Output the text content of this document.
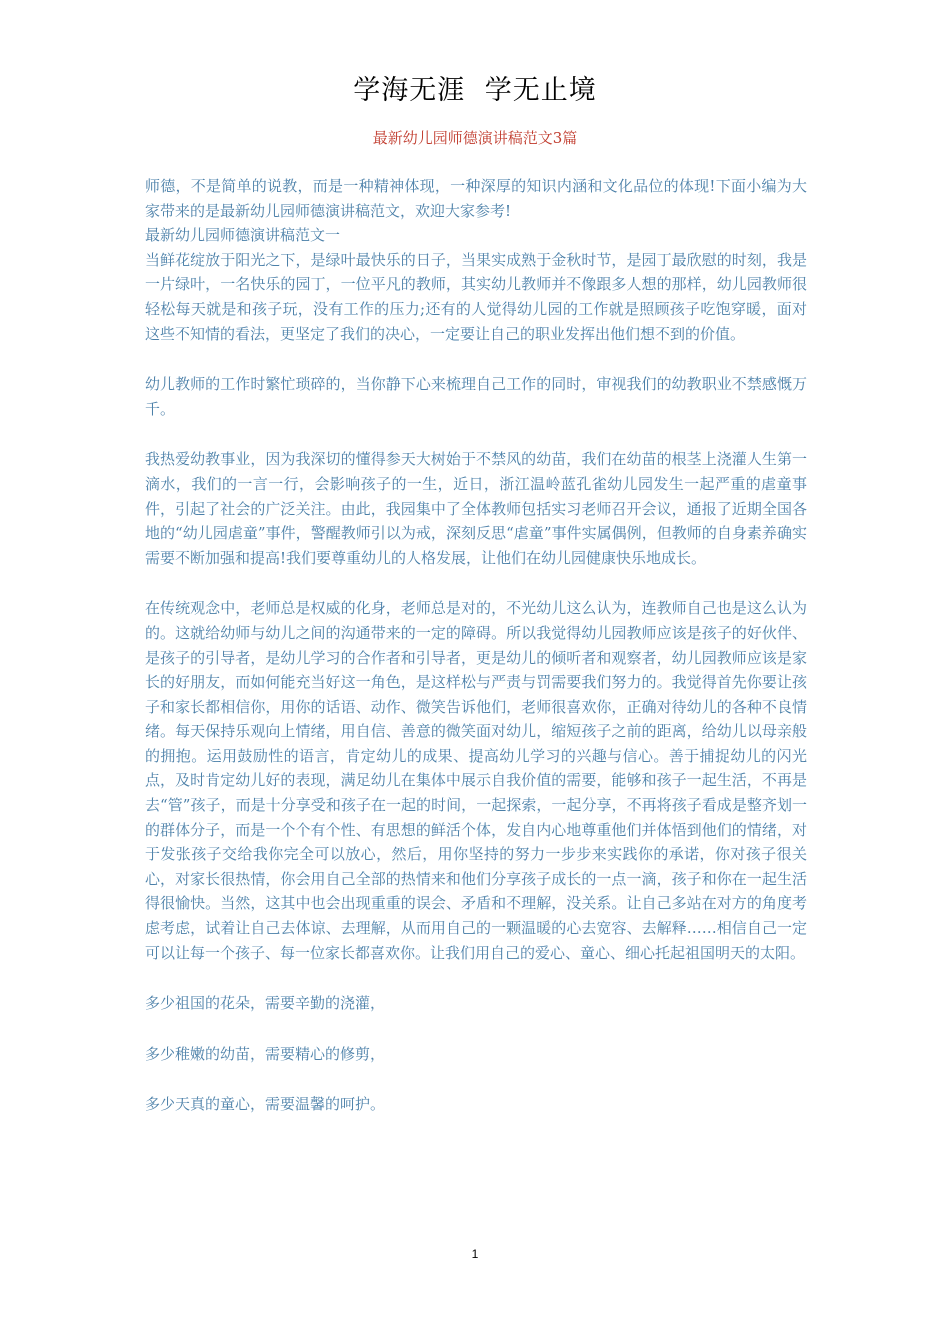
学海无涯 学无止境
最新幼儿园师德演讲稿范文3篇

师德，不是简单的说教，而是一种精神体现，一种深厚的知识内涵和文化品位的体现!下面小编为大家带来的是最新幼儿园师德演讲稿范文，欢迎大家参考!

最新幼儿园师德演讲稿范文一

当鲜花绽放于阳光之下，是绿叶最快乐的日子，当果实成熟于金秋时节，是园丁最欣慰的时刻，我是一片绿叶，一名快乐的园丁，一位平凡的教师，其实幼儿教师并不像跟多人想的那样，幼儿园教师很轻松每天就是和孩子玩，没有工作的压力;还有的人觉得幼儿园的工作就是照顾孩子吃饱穿暖，面对这些不知情的看法，更坚定了我们的决心，一定要让自己的职业发挥出他们想不到的价值。

幼儿教师的工作时繁忙琐碎的，当你静下心来梳理自己工作的同时，审视我们的幼教职业不禁感慨万千。

我热爱幼教事业，因为我深切的懂得参天大树始于不禁风的幼苗，我们在幼苗的根茎上浇灌人生第一滴水，我们的一言一行，会影响孩子的一生，近日，浙江温岭蓝孔雀幼儿园发生一起严重的虐童事件，引起了社会的广泛关注。由此，我园集中了全体教师包括实习老师召开会议，通报了近期全国各地的“幼儿园虐童”事件，警醒教师引以为戒，深刻反思“虐童”事件实属偶例，但教师的自身素养确实需要不断加强和提高!我们要尊重幼儿的人格发展，让他们在幼儿园健康快乐地成长。

在传统观念中，老师总是权威的化身，老师总是对的，不光幼儿这么认为，连教师自己也是这么认为的。这就给幼师与幼儿之间的沟通带来的一定的障碍。所以我觉得幼儿园教师应该是孩子的好伙伴、是孩子的引导者，是幼儿学习的合作者和引导者，更是幼儿的倾听者和观察者，幼儿园教师应该是家长的好朋友，而如何能充当好这一角色，是这样松与严责与罚需要我们努力的。我觉得首先你要让孩子和家长都相信你，用你的话语、动作、微笑告诉他们，老师很喜欢你，正确对待幼儿的各种不良情绪。每天保持乐观向上情绪，用自信、善意的微笑面对幼儿，缩短孩子之前的距离，给幼儿以母亲般的拥抱。运用鼓励性的语言，肯定幼儿的成果、提高幼儿学习的兴趣与信心。善于捕捉幼儿的闪光点，及时肯定幼儿好的表现，满足幼儿在集体中展示自我价值的需要，能够和孩子一起生活，不再是去“管”孩子，而是十分享受和孩子在一起的时间，一起探索，一起分享，不再将孩子看成是整齐划一的群体分子，而是一个个有个性、有思想的鲜活个体，发自内心地尊重他们并体悟到他们的情绪，对于发张孩子交给我你完全可以放心，然后，用你坚持的努力一步步来实践你的承诺，你对孩子很关心，对家长很热情，你会用自己全部的热情来和他们分享孩子成长的一点一滴，孩子和你在一起生活得很愉快。当然，这其中也会出现重重的误会、矛盾和不理解，没关系。让自己多站在对方的角度考虑考虑，试着让自己去体谅、去理解，从而用自己的一颗温暖的心去宽容、去解释……相信自己一定可以让每一个孩子、每一位家长都喜欢你。让我们用自己的爱心、童心、细心托起祖国明天的太阳。

多少祖国的花朵，需要辛勤的浇灌，

多少稚嫩的幼苗，需要精心的修剪，

多少天真的童心，需要温馨的呵护。

1
